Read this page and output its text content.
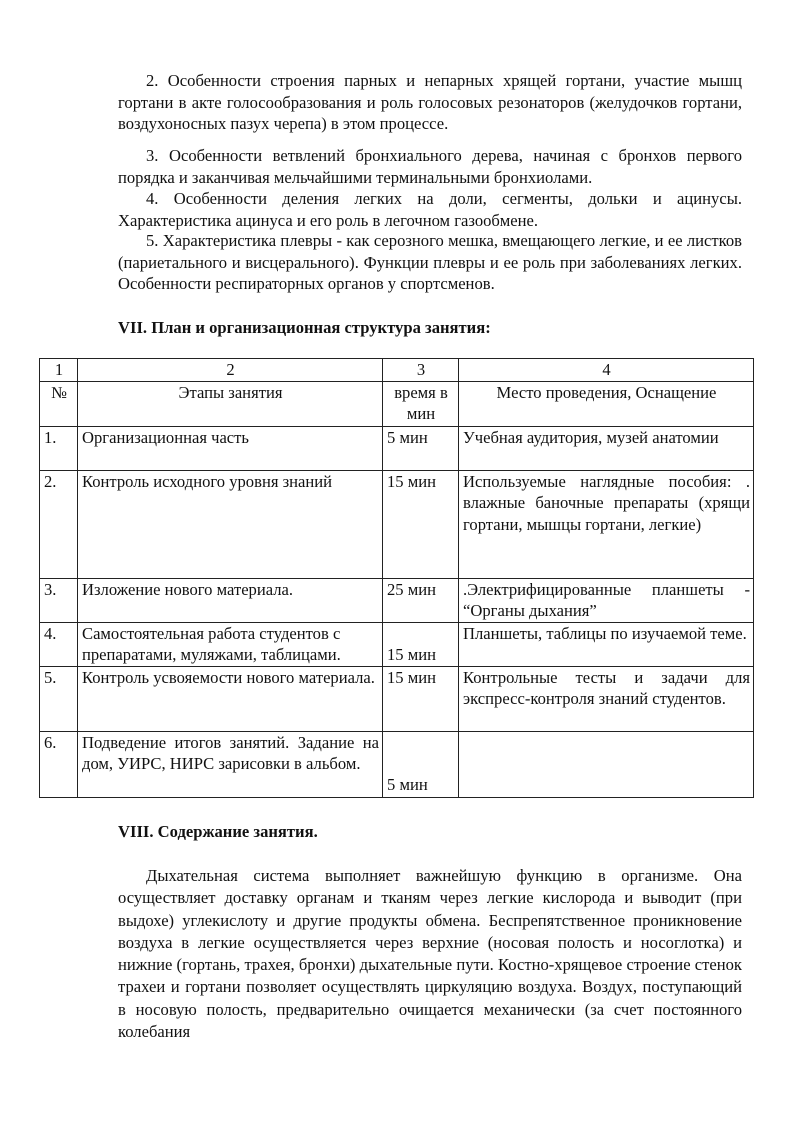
2. Особенности строения парных и непарных хрящей гортани, участие мышц гортани в акте голосообразования и роль голосовых резонаторов (желудочков гортани, воздухоносных пазух черепа) в этом процессе.

3. Особенности ветвлений бронхиального дерева, начиная с бронхов первого порядка и заканчивая мельчайшими терминальными бронхиолами.

4. Особенности деления легких на доли, сегменты, дольки и ацинусы. Характеристика ацинуса и его роль в легочном газообмене.

5. Характеристика плевры - как серозного мешка, вмещающего легкие, и ее листков (париетального и висцерального). Функции плевры и ее роль при заболеваниях легких. Особенности респираторных органов у спортсменов.

VII. План и организационная структура занятия:
1	2	3	4
№	Этапы занятия	время в мин	Место проведения, Оснащение
1.	Организационная часть	5 мин	Учебная аудитория, музей анатомии
2.	Контроль исходного уровня знаний	15 мин	Используемые наглядные пособия: . влажные баночные препараты (хрящи гортани, мышцы гортани, легкие)
3.	Изложение нового материала.	25 мин	.Электрифицированные планшеты - “Органы дыхания”
4.	Самостоятельная работа студентов с препаратами, муляжами, таблицами.	15 мин	Планшеты, таблицы по изучаемой теме.
5.	Контроль усвояемости нового материала.	15 мин	Контрольные тесты и задачи для экспресс-контроля знаний студентов.
6.	Подведение итогов занятий. Задание на дом, УИРС, НИРС зарисовки в альбом.	5 мин	
VIII. Содержание занятия.

Дыхательная система выполняет важнейшую функцию в организме. Она осуществляет доставку органам и тканям через легкие кислорода и выводит (при выдохе) углекислоту и другие продукты обмена. Беспрепятственное проникновение воздуха в легкие осуществляется через верхние (носовая полость и носоглотка) и нижние (гортань, трахея, бронхи) дыхательные пути. Костно-хрящевое строение стенок трахеи и гортани позволяет осуществлять циркуляцию воздуха. Воздух, поступающий в носовую полость, предварительно очищается механически (за счет постоянного колебания
